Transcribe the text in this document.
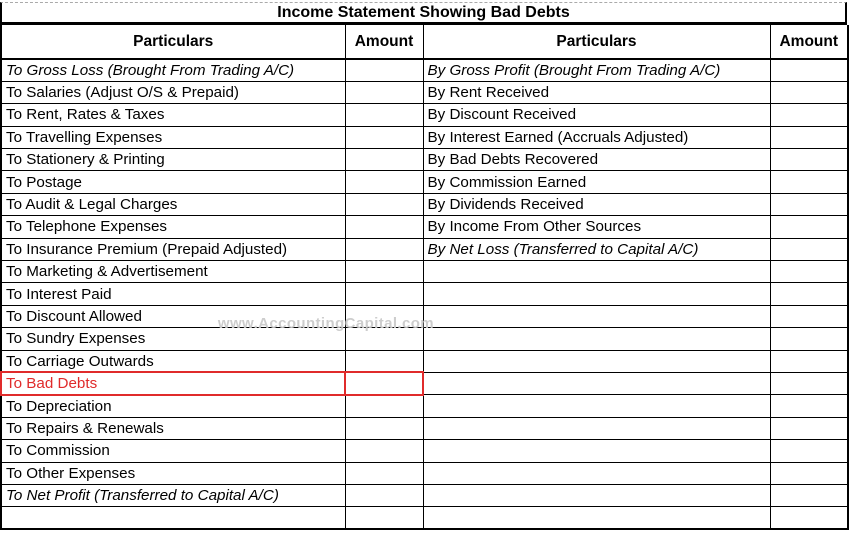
Income Statement Showing Bad Debts
Particulars	Amount	Particulars	Amount
To Gross Loss (Brought From Trading A/C)		By Gross Profit (Brought From Trading A/C)	
To Salaries (Adjust O/S & Prepaid)		By Rent Received	
To Rent, Rates & Taxes		By Discount Received	
To Travelling Expenses		By Interest Earned (Accruals Adjusted)	
To Stationery & Printing		By Bad Debts Recovered	
To Postage		By Commission Earned	
To Audit & Legal Charges		By Dividends Received	
To Telephone Expenses		By Income From Other Sources	
To Insurance Premium (Prepaid Adjusted)		By Net Loss (Transferred to Capital A/C)	
To Marketing & Advertisement			
To Interest Paid			
To Discount Allowed			
To Sundry Expenses			
To Carriage Outwards			
To Bad Debts			
To Depreciation			
To Repairs & Renewals			
To Commission			
To Other Expenses			
To Net Profit (Transferred to Capital A/C)			

www.AccountingCapital.com
